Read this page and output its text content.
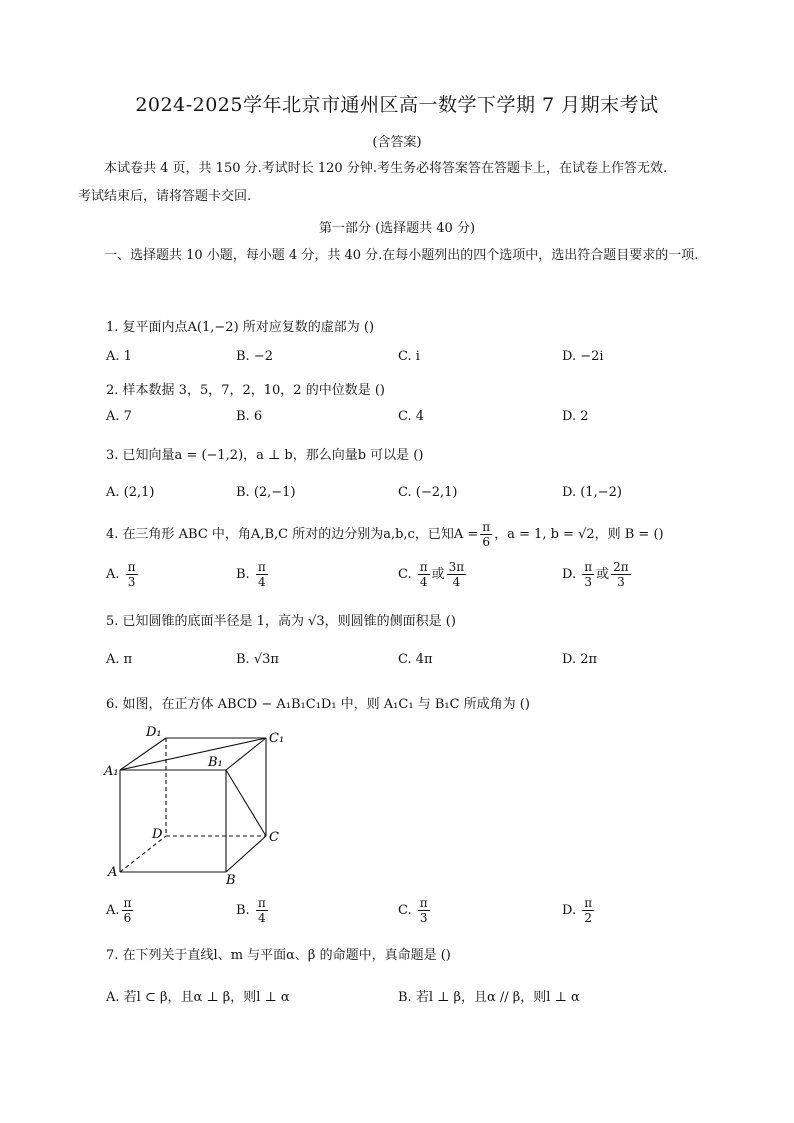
2024-2025学年北京市通州区高一数学下学期 7 月期末考试
(含答案)
本试卷共 4 页，共 150 分.考试时长 120 分钟.考生务必将答案答在答题卡上，在试卷上作答无效.
考试结束后，请将答题卡交回.
第一部分 (选择题共 40 分)
一、选择题共 10 小题，每小题 4 分，共 40 分.在每小题列出的四个选项中，选出符合题目要求的一项.
1. 复平面内点A(1,−2) 所对应复数的虚部为 ()
A. 1	B. −2	C. i	D. −2i
2. 样本数据 3，5，7，2，10，2 的中位数是 ()
A. 7	B. 6	C. 4	D. 2
3. 已知向量a = (−1,2)，a ⊥ b，那么向量b 可以是 ()
A. (2,1)	B. (2,−1)	C. (−2,1)	D. (1,−2)
4. 在三角形 ABC 中，角A,B,C 所对的边分别为a,b,c，已知$A = \frac{\pi}{6}$ ，a = 1, b = √2，则 B = ()
A. $\frac{\pi}{3}$	B. $\frac{\pi}{4}$	C. $\frac{\pi}{4}$ 或 $\frac{3\pi}{4}$	D. $\frac{\pi}{3}$ 或 $\frac{2\pi}{3}$
5. 已知圆锥的底面半径是 1，高为 √3，则圆锥的侧面积是 ()
A. π	B. √3π	C. 4π	D. 2π
6. 如图，在正方体 ABCD − A₁B₁C₁D₁ 中，则 A₁C₁ 与 B₁C 所成角为 ()
D₁	C₁
A₁
B₁
D	C
A
B
A. $\frac{\pi}{6}$	B. $\frac{\pi}{4}$	C. $\frac{\pi}{3}$	D. $\frac{\pi}{2}$
7. 在下列关于直线l、m 与平面α、β 的命题中，真命题是 ()
A. 若l ⊂ β，且α ⊥ β，则l ⊥ α	B. 若l ⊥ β，且α // β，则l ⊥ α
